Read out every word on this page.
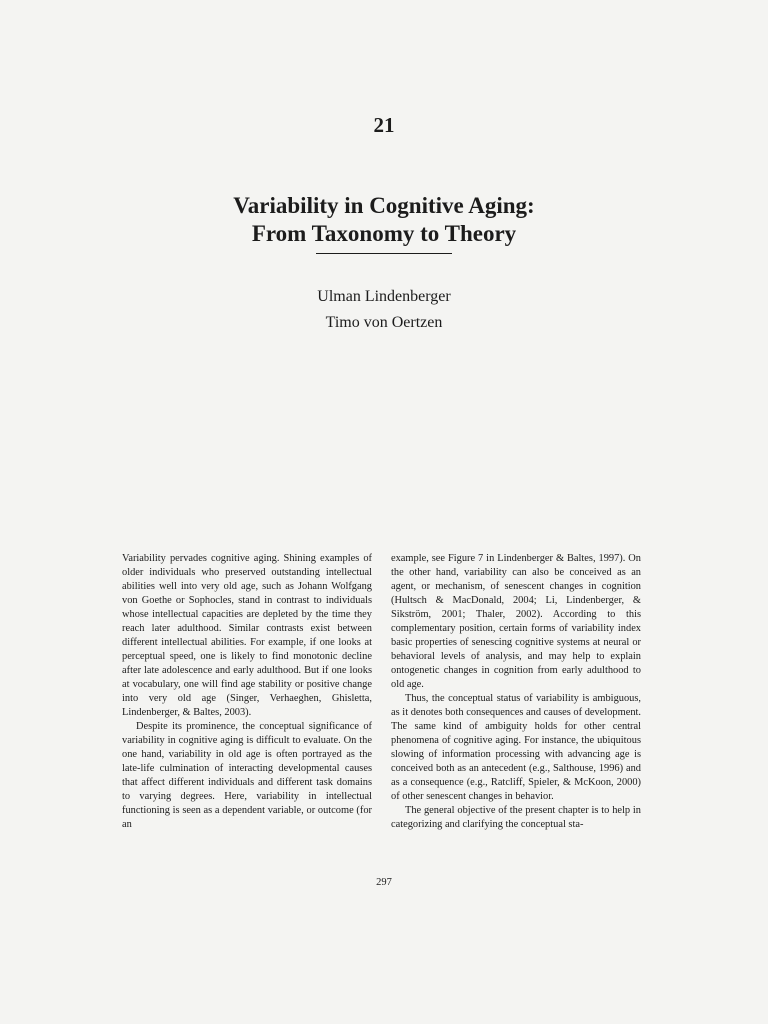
21
Variability in Cognitive Aging:
From Taxonomy to Theory
Ulman Lindenberger
Timo von Oertzen

Variability pervades cognitive aging. Shining examples of older individuals who preserved outstanding intellectual abilities well into very old age, such as Johann Wolfgang von Goethe or Sophocles, stand in contrast to individuals whose intellectual capacities are depleted by the time they reach later adulthood. Similar contrasts exist between different intellectual abilities. For example, if one looks at perceptual speed, one is likely to find monotonic decline after late adolescence and early adulthood. But if one looks at vocabulary, one will find age stability or positive change into very old age (Singer, Verhaeghen, Ghisletta, Lindenberger, & Baltes, 2003).

Despite its prominence, the conceptual significance of variability in cognitive aging is difficult to evaluate. On the one hand, variability in old age is often portrayed as the late-life culmination of interacting developmental causes that affect different individuals and different task domains to varying degrees. Here, variability in intellectual functioning is seen as a dependent variable, or outcome (for an

example, see Figure 7 in Lindenberger & Baltes, 1997). On the other hand, variability can also be conceived as an agent, or mechanism, of senescent changes in cognition (Hultsch & MacDonald, 2004; Li, Lindenberger, & Sikström, 2001; Thaler, 2002). According to this complementary position, certain forms of variability index basic properties of senescing cognitive systems at neural or behavioral levels of analysis, and may help to explain ontogenetic changes in cognition from early adulthood to old age.

Thus, the conceptual status of variability is ambiguous, as it denotes both consequences and causes of development. The same kind of ambiguity holds for other central phenomena of cognitive aging. For instance, the ubiquitous slowing of information processing with advancing age is conceived both as an antecedent (e.g., Salthouse, 1996) and as a consequence (e.g., Ratcliff, Spieler, & McKoon, 2000) of other senescent changes in behavior.

The general objective of the present chapter is to help in categorizing and clarifying the conceptual sta-

297
